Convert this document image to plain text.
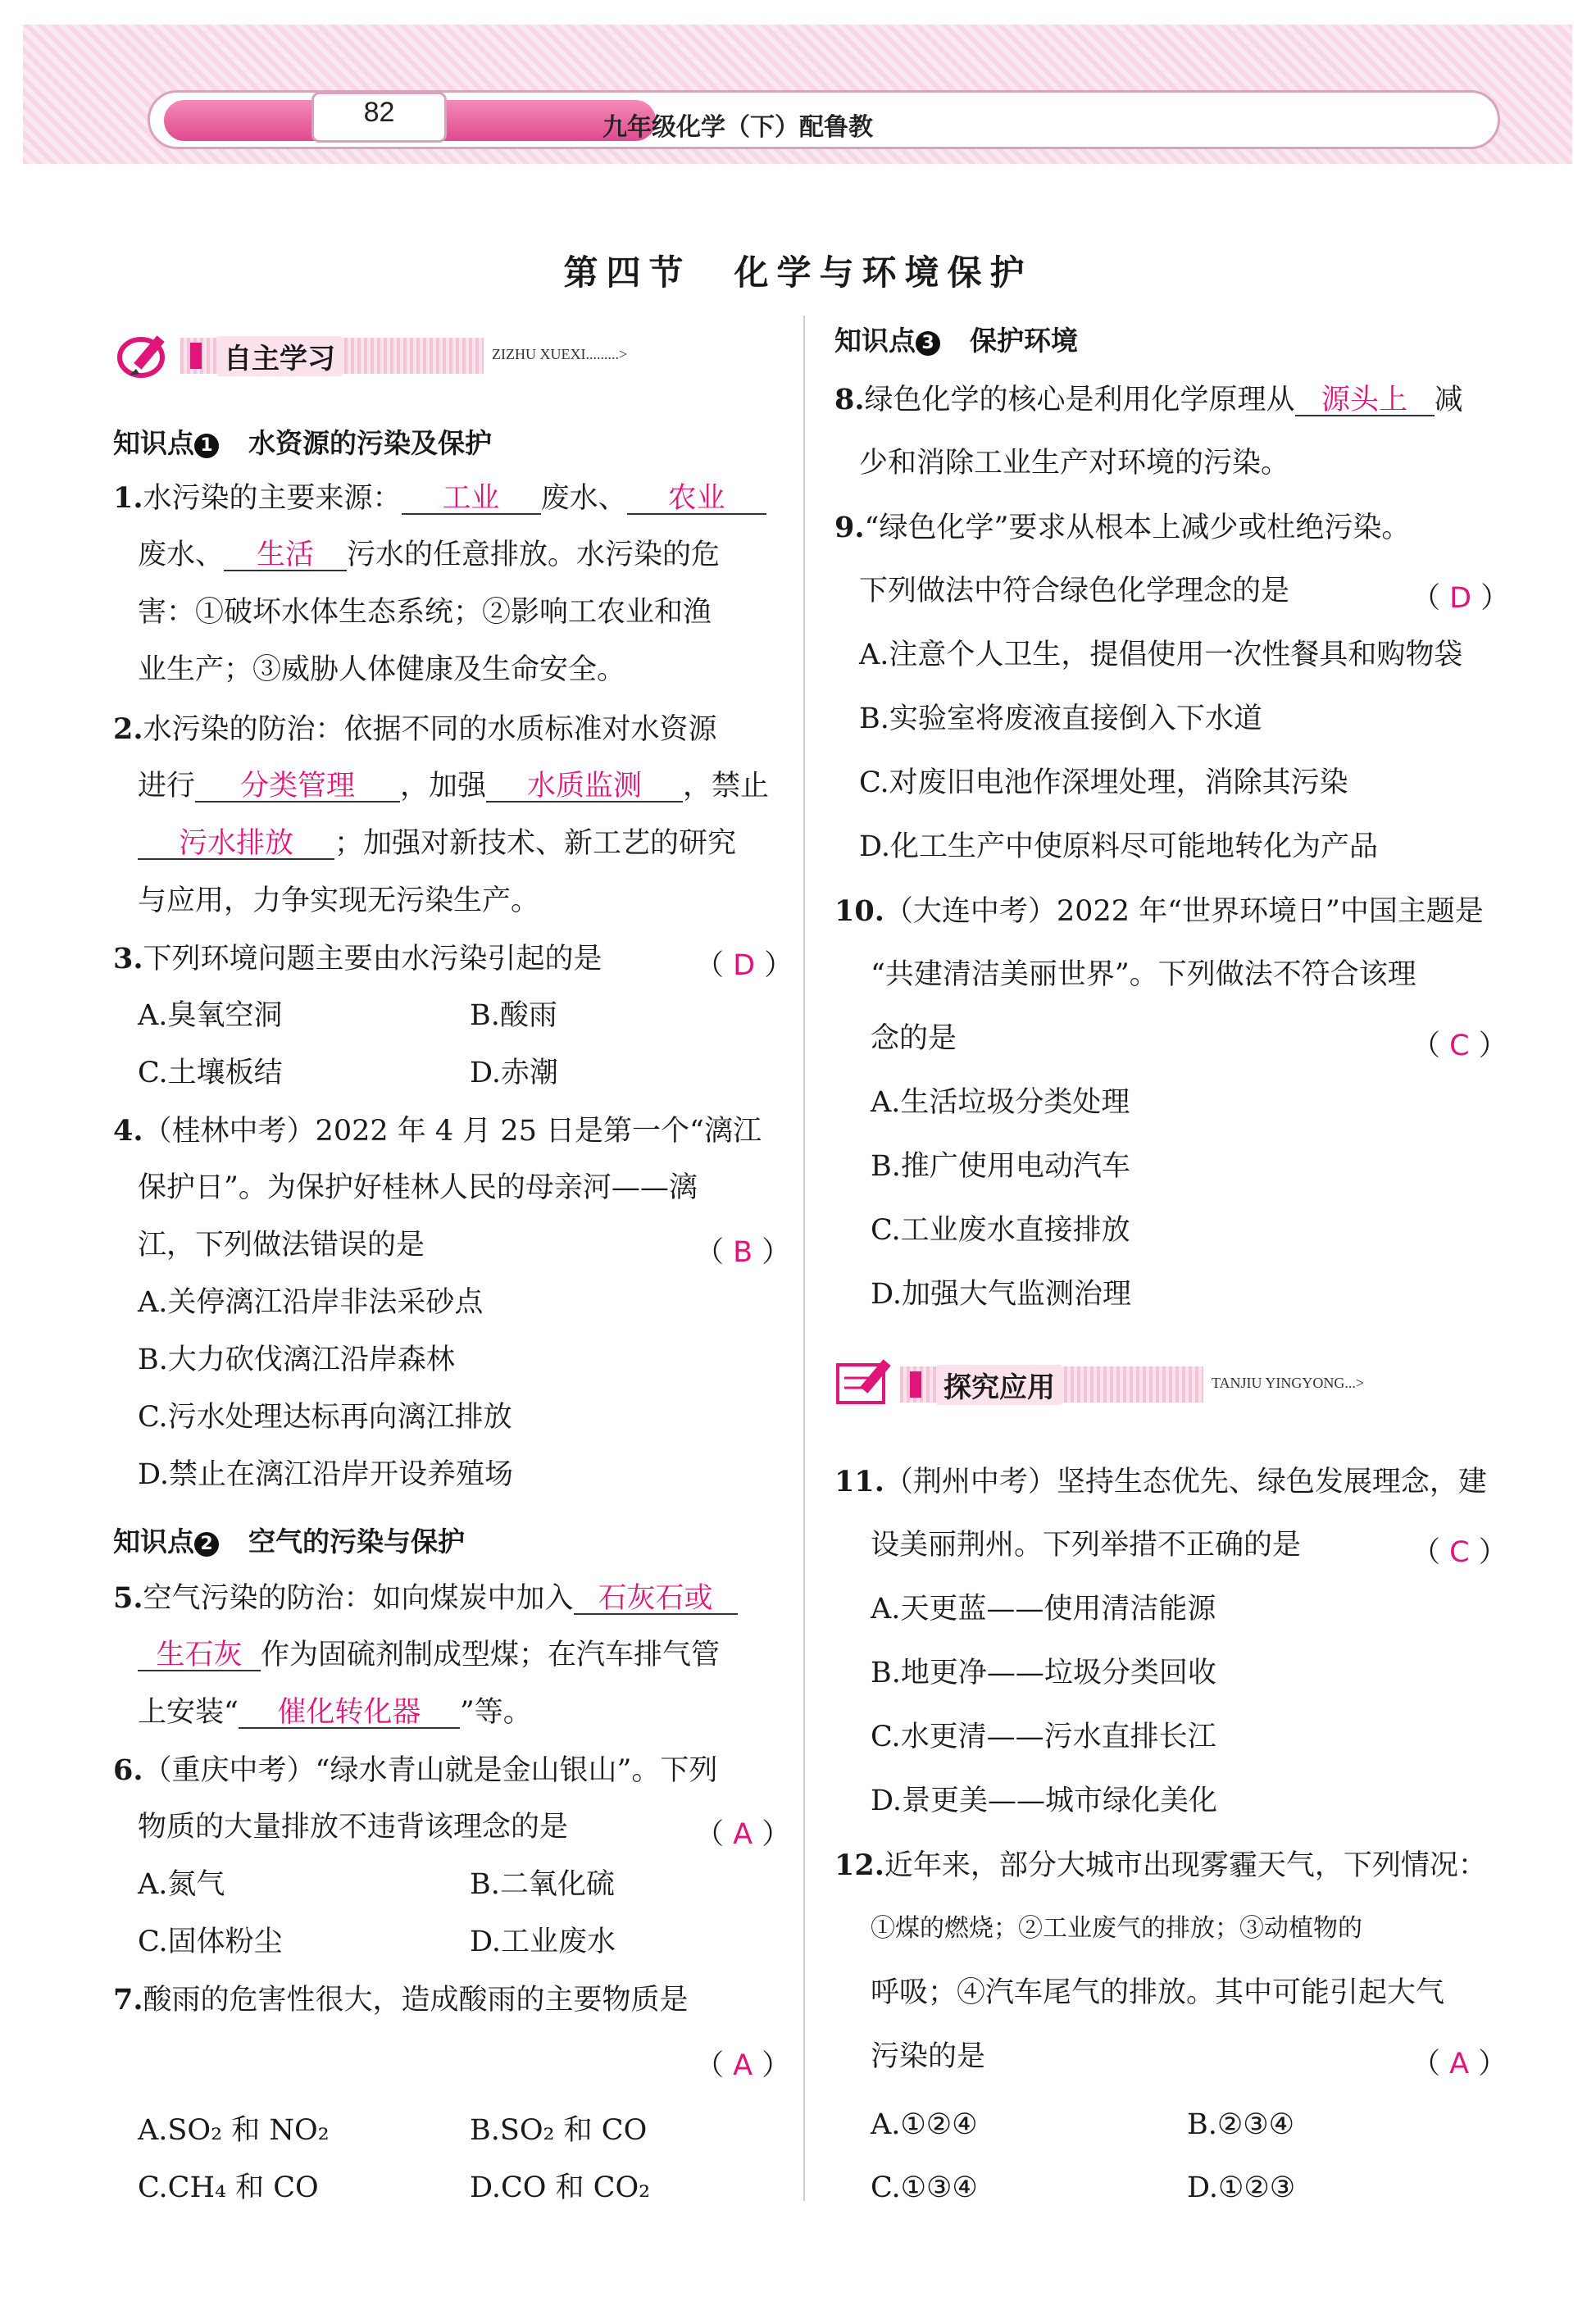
82	九年级化学（下）配鲁教
第四节　化学与环境保护
自主学习	ZIZHU XUEXI.........>
知识点 1 水资源的污染及保护
1.水污染的主要来源： 工业 废水、 农业
废水、 生活 污水的任意排放。水污染的危
害：①破坏水体生态系统；②影响工农业和渔
业生产；③威胁人体健康及生命安全。
2.水污染的防治：依据不同的水质标准对水资源
进行 分类管理 ，加强 水质监测 ，禁止
污水排放 ；加强对新技术、新工艺的研究
与应用，力争实现无污染生产。
3.下列环境问题主要由水污染引起的是	（ D ）
A.臭氧空洞	B.酸雨
C.土壤板结	D.赤潮
4.（桂林中考）2022 年 4 月 25 日是第一个“漓江
保护日”。为保护好桂林人民的母亲河——漓
江，下列做法错误的是	（ B ）
A.关停漓江沿岸非法采砂点
B.大力砍伐漓江沿岸森林
C.污水处理达标再向漓江排放
D.禁止在漓江沿岸开设养殖场
知识点 2 空气的污染与保护
5.空气污染的防治：如向煤炭中加入 石灰石或
生石灰 作为固硫剂制成型煤；在汽车排气管
上安装“ 催化转化器 ”等。
6.（重庆中考）“绿水青山就是金山银山”。下列
物质的大量排放不违背该理念的是	（ A ）
A.氮气	B.二氧化硫
C.固体粉尘	D.工业废水
7.酸雨的危害性很大，造成酸雨的主要物质是
（ A ）
A.SO₂ 和 NO₂	B.SO₂ 和 CO
C.CH₄ 和 CO	D.CO 和 CO₂
知识点 3 保护环境
8.绿色化学的核心是利用化学原理从 源头上 减
少和消除工业生产对环境的污染。
9.“绿色化学”要求从根本上减少或杜绝污染。
下列做法中符合绿色化学理念的是	（ D ）
A.注意个人卫生，提倡使用一次性餐具和购物袋
B.实验室将废液直接倒入下水道
C.对废旧电池作深埋处理，消除其污染
D.化工生产中使原料尽可能地转化为产品
10.（大连中考）2022 年“世界环境日”中国主题是
“共建清洁美丽世界”。下列做法不符合该理
念的是	（ C ）
A.生活垃圾分类处理
B.推广使用电动汽车
C.工业废水直接排放
D.加强大气监测治理
探究应用	TANJIU YINGYONG...>
11.（荆州中考）坚持生态优先、绿色发展理念，建
设美丽荆州。下列举措不正确的是	（ C ）
A.天更蓝——使用清洁能源
B.地更净——垃圾分类回收
C.水更清——污水直排长江
D.景更美——城市绿化美化
12.近年来，部分大城市出现雾霾天气，下列情况：
①煤的燃烧；②工业废气的排放；③动植物的
呼吸；④汽车尾气的排放。其中可能引起大气
污染的是	（ A ）
A.①②④	B.②③④
C.①③④	D.①②③
